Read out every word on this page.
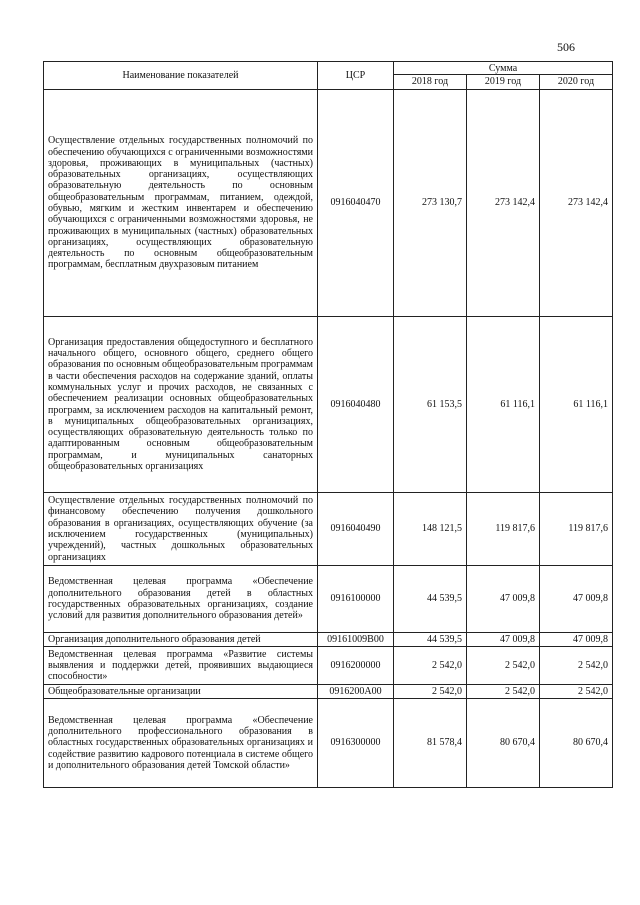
506
Наименование показателей	ЦСР	Сумма		
		2018 год	2019 год	2020 год
Осуществление отдельных государственных полномочий по обеспечению обучающихся с ограниченными возможностями здоровья, проживающих в муниципальных (частных) образовательных организациях, осуществляющих образовательную деятельность по основным общеобразовательным программам, питанием, одеждой, обувью, мягким и жестким инвентарем и обеспечению обучающихся с ограниченными возможностями здоровья, не проживающих в муниципальных (частных) образовательных организациях, осуществляющих образовательную деятельность по основным общеобразовательным программам, бесплатным двухразовым питанием	0916040470	273 130,7	273 142,4	273 142,4
Организация предоставления общедоступного и бесплатного начального общего, основного общего, среднего общего образования по основным общеобразовательным программам в части обеспечения расходов на содержание зданий, оплаты коммунальных услуг и прочих расходов, не связанных с обеспечением реализации основных общеобразовательных программ, за исключением расходов на капитальный ремонт, в муниципальных общеобразовательных организациях, осуществляющих образовательную деятельность только по адаптированным основным общеобразовательным программам, и муниципальных санаторных общеобразовательных организациях	0916040480	61 153,5	61 116,1	61 116,1
Осуществление отдельных государственных полномочий по финансовому обеспечению получения дошкольного образования в организациях, осуществляющих обучение (за исключением государственных (муниципальных) учреждений), частных дошкольных образовательных организациях	0916040490	148 121,5	119 817,6	119 817,6
Ведомственная целевая программа «Обеспечение дополнительного образования детей в областных государственных образовательных организациях, создание условий для развития дополнительного образования детей»	0916100000	44 539,5	47 009,8	47 009,8
Организация дополнительного образования детей	09161009В00	44 539,5	47 009,8	47 009,8
Ведомственная целевая программа «Развитие системы выявления и поддержки детей, проявивших выдающиеся способности»	0916200000	2 542,0	2 542,0	2 542,0
Общеобразовательные организации	0916200А00	2 542,0	2 542,0	2 542,0
Ведомственная целевая программа «Обеспечение дополнительного профессионального образования в областных государственных образовательных организациях и содействие развитию кадрового потенциала в системе общего и дополнительного образования детей Томской области»	0916300000	81 578,4	80 670,4	80 670,4
